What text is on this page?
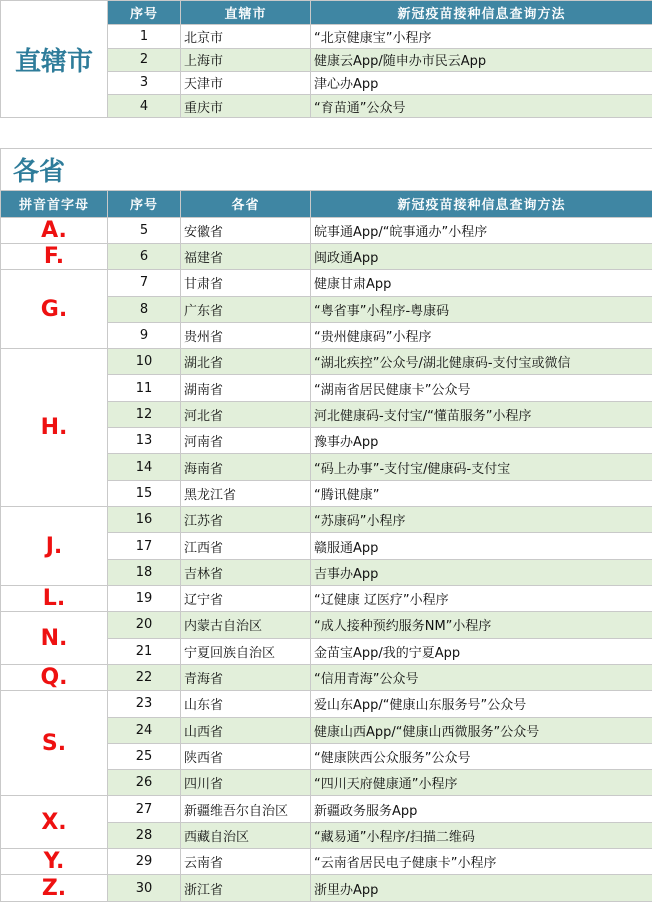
直辖市	序号	直辖市	新冠疫苗接种信息查询方法
	1	北京市	“北京健康宝”小程序
	2	上海市	健康云App/随申办市民云App
	3	天津市	津心办App
	4	重庆市	“育苗通”公众号

各省			
拼音首字母	序号	各省	新冠疫苗接种信息查询方法
A.	5	安徽省	皖事通App/“皖事通办”小程序
F.	6	福建省	闽政通App
G.	7	甘肃省	健康甘肃App
	8	广东省	“粤省事”小程序-粤康码
	9	贵州省	“贵州健康码”小程序
H.	10	湖北省	“湖北疾控”公众号/湖北健康码-支付宝或微信
	11	湖南省	“湖南省居民健康卡”公众号
	12	河北省	河北健康码-支付宝/“懂苗服务”小程序
	13	河南省	豫事办App
	14	海南省	“码上办事”-支付宝/健康码-支付宝
	15	黑龙江省	“腾讯健康”
J.	16	江苏省	“苏康码”小程序
	17	江西省	赣服通App
	18	吉林省	吉事办App
L.	19	辽宁省	“辽健康 辽医疗”小程序
N.	20	内蒙古自治区	“成人接种预约服务NM”小程序
	21	宁夏回族自治区	金苗宝App/我的宁夏App
Q.	22	青海省	“信用青海”公众号
S.	23	山东省	爱山东App/“健康山东服务号”公众号
	24	山西省	健康山西App/“健康山西微服务”公众号
	25	陕西省	“健康陕西公众服务”公众号
	26	四川省	“四川天府健康通”小程序
X.	27	新疆维吾尔自治区	新疆政务服务App
	28	西藏自治区	“藏易通”小程序/扫描二维码
Y.	29	云南省	“云南省居民电子健康卡”小程序
Z.	30	浙江省	浙里办App
